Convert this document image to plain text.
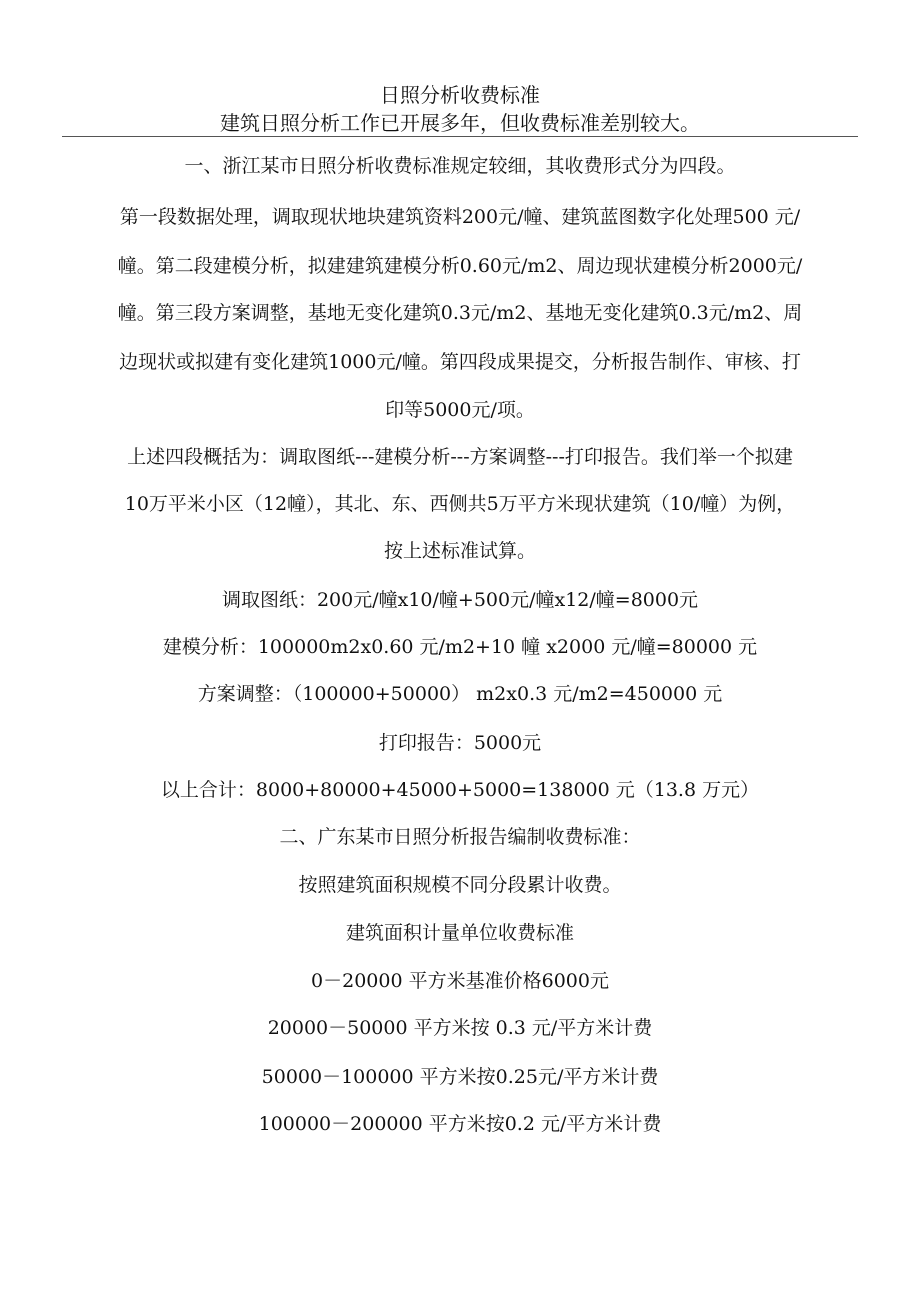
日照分析收费标准
建筑日照分析工作已开展多年，但收费标准差别较大。
一、浙江某市日照分析收费标准规定较细，其收费形式分为四段。
第一段数据处理，调取现状地块建筑资料200元/幢、建筑蓝图数字化处理500 元/
幢。第二段建模分析，拟建建筑建模分析0.60元/m2、周边现状建模分析2000元/
幢。第三段方案调整，基地无变化建筑0.3元/m2、基地无变化建筑0.3元/m2、周
边现状或拟建有变化建筑1000元/幢。第四段成果提交，分析报告制作、审核、打
印等5000元/项。
上述四段概括为：调取图纸---建模分析---方案调整---打印报告。我们举一个拟建
10万平米小区（12幢），其北、东、西侧共5万平方米现状建筑（10/幢）为例，
按上述标准试算。
调取图纸：200元/幢x10/幢+500元/幢x12/幢=8000元
建模分析：100000m2x0.60 元/m2+10 幢 x2000 元/幢=80000 元
方案调整：（100000+50000） m2x0.3 元/m2=450000 元
打印报告：5000元
以上合计：8000+80000+45000+5000=138000 元（13.8 万元）
二、广东某市日照分析报告编制收费标准：
按照建筑面积规模不同分段累计收费。
建筑面积计量单位收费标准
0－20000 平方米基准价格6000元
20000－50000 平方米按 0.3 元/平方米计费
50000－100000 平方米按0.25元/平方米计费
100000－200000 平方米按0.2 元/平方米计费
